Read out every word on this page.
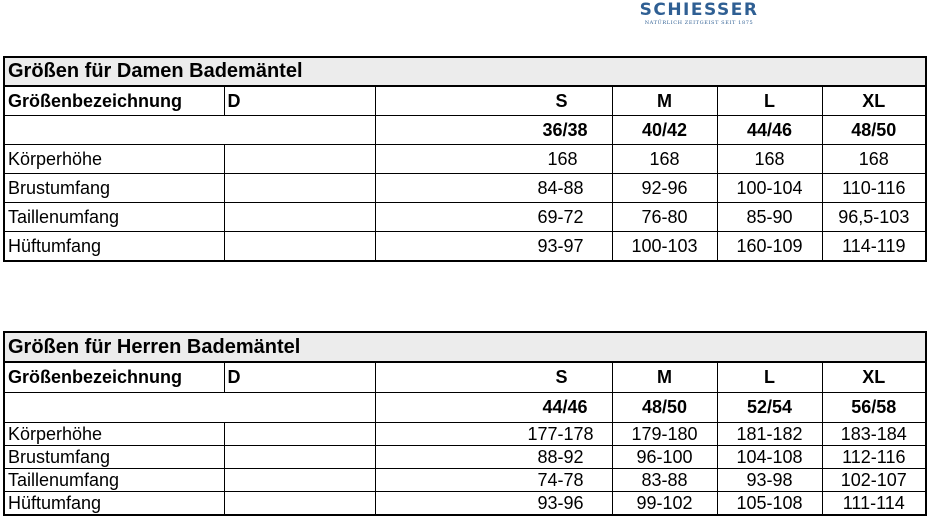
SCHIESSER
NATÜRLICH ZEITGEIST SEIT 1875
Größen für Damen Bademäntel					
Größenbezeichnung	D	S	M	L	XL
		36/38	40/42	44/46	48/50
Körperhöhe		168	168	168	168
Brustumfang		84-88	92-96	100-104	110-116
Taillenumfang		69-72	76-80	85-90	96,5-103
Hüftumfang		93-97	100-103	160-109	114-119
Größen für Herren Bademäntel					
Größenbezeichnung	D	S	M	L	XL
		44/46	48/50	52/54	56/58
Körperhöhe		177-178	179-180	181-182	183-184
Brustumfang		88-92	96-100	104-108	112-116
Taillenumfang		74-78	83-88	93-98	102-107
Hüftumfang		93-96	99-102	105-108	111-114
